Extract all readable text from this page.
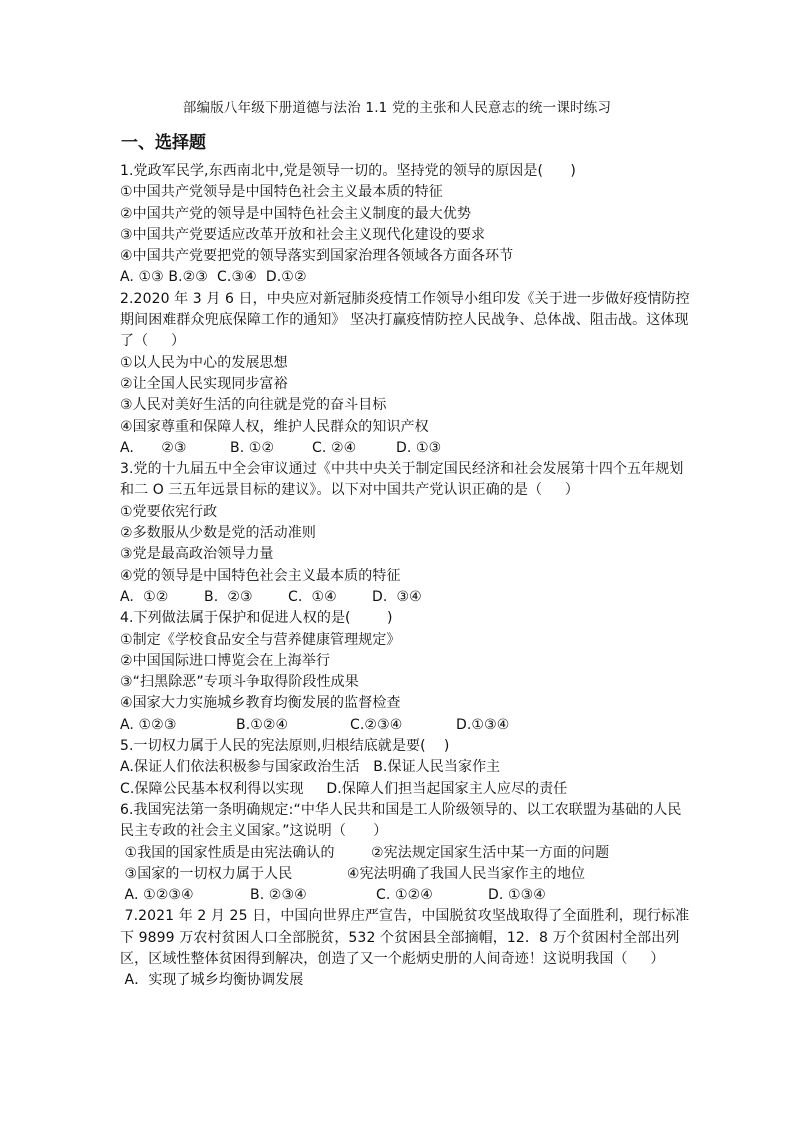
部编版八年级下册道德与法治 1.1 党的主张和人民意志的统一课时练习
一、选择题
1.党政军民学,东西南北中,党是领导一切的。坚持党的领导的原因是(      )
①中国共产党领导是中国特色社会主义最本质的特征
②中国共产党的领导是中国特色社会主义制度的最大优势
③中国共产党要适应改革开放和社会主义现代化建设的要求
④中国共产党要把党的领导落实到国家治理各领域各方面各环节
A. ①③ B.②③  C.③④  D.①②
2.2020 年 3 月 6 日，中央应对新冠肺炎疫情工作领导小组印发《关于进一步做好疫情防控期间困难群众兜底保障工作的通知》 坚决打赢疫情防控人民战争、总体战、阻击战。这体现了（     ）
①以人民为中心的发展思想
②让全国人民实现同步富裕
③人民对美好生活的向往就是党的奋斗目标
④国家尊重和保障人权，维护人民群众的知识产权
A.      ②③	B. ①②	C. ②④	D. ①③
3.党的十九届五中全会审议通过《中共中央关于制定国民经济和社会发展第十四个五年规划和二 O 三五年远景目标的建议》。以下对中国共产党认识正确的是（     ）
①党要依宪行政
②多数服从少数是党的活动准则
③党是最高政治领导力量
④党的领导是中国特色社会主义最本质的特征
A.  ①②	B.  ②③	C.  ①④	D.  ③④
4.下列做法属于保护和促进人权的是(        )
①制定《学校食品安全与营养健康管理规定》
②中国国际进口博览会在上海举行
③“扫黑除恶”专项斗争取得阶段性成果
④国家大力实施城乡教育均衡发展的监督检查
A. ①②③	B.①②④	C.②③④	D.①③④
5.一切权力属于人民的宪法原则,归根结底就是要(    )
A.保证人们依法积极参与国家政治生活   B.保证人民当家作主
C.保障公民基本权利得以实现     D.保障人们担当起国家主人应尽的责任
6.我国宪法第一条明确规定:“中华人民共和国是工人阶级领导的、以工农联盟为基础的人民民主专政的社会主义国家。”这说明（      ）
①我国的国家性质是由宪法确认的        ②宪法规定国家生活中某一方面的问题
③国家的一切权力属于人民            ④宪法明确了我国人民当家作主的地位
A. ①②③④	B. ②③④	C. ①②④	D. ①③④
7.2021 年 2 月 25 日，中国向世界庄严宣告，中国脱贫攻坚战取得了全面胜利，现行标准下 9899 万农村贫困人口全部脱贫，532 个贫困县全部摘帽，12．8 万个贫困村全部出列区，区域性整体贫困得到解决，创造了又一个彪炳史册的人间奇迹！这说明我国（     ）
A．实现了城乡均衡协调发展
